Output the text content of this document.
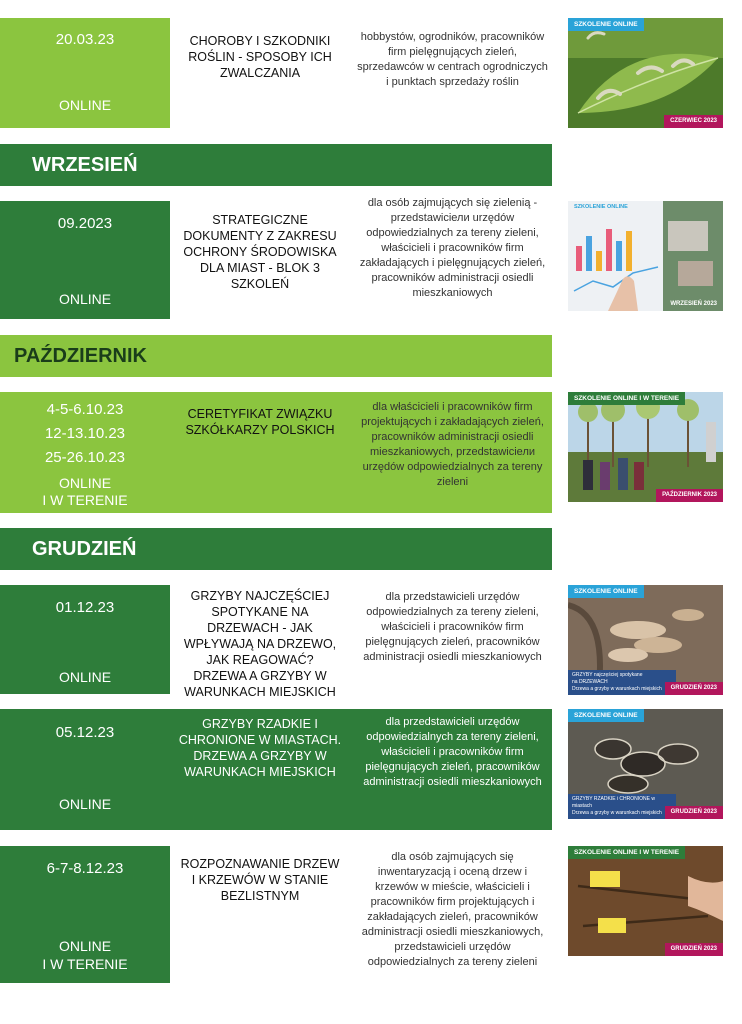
20.03.23
ONLINE
CHOROBY I SZKODNIKI ROŚLIN - SPOSOBY ICH ZWALCZANIA
hobbystów, ogrodników, pracowników firm pielęgnujących zieleń, sprzedawców w centrach ogrodniczych i punktach sprzedaży roślin
SZKOLENIE ONLINE
CZERWIEC 2023
WRZESIEŃ
09.2023
ONLINE
STRATEGICZNE DOKUMENTY Z ZAKRESU OCHRONY ŚRODOWISKA DLA MIAST - BLOK 3 SZKOLEŃ
dla osób zajmujących się zielenią - przedstawiciели urzędów odpowiedzialnych za tereny zieleni, właścicieli i pracowników firm zakładających i pielęgnujących zieleń, pracowników administracji osiedli mieszkaniowych
SZKOLENIE ONLINE
WRZESIEŃ 2023
PAŹDZIERNIK
4-5-6.10.23
12-13.10.23
25-26.10.23
ONLINE
I W TERENIE
CERETYFIKAT ZWIĄZKU SZKÓŁKARZY POLSKICH
dla właścicieli i pracowników firm projektujących i zakładających zieleń, pracowników administracji osiedli mieszkaniowych, przedstawiciели urzędów odpowiedzialnych za tereny zieleni
SZKOLENIE ONLINE I W TERENIE
PAŹDZIERNIK 2023
GRUDZIEŃ
01.12.23
ONLINE
GRZYBY NAJCZĘŚCIEJ SPOTYKANE NA DRZEWACH - JAK WPŁYWAJĄ NA DRZEWO, JAK REAGOWAĆ? DRZEWA A GRZYBY W WARUNKACH MIEJSKICH
dla przedstawicieli urzędów odpowiedzialnych za tereny zieleni, właścicieli i pracowników firm pielęgnujących zieleń, pracowników administracji osiedli mieszkaniowych
SZKOLENIE ONLINE
GRZYBY najczęściej spotykane
na DRZEWACH
Drzewa a grzyby w warunkach miejskich	GRUDZIEŃ 2023
05.12.23
ONLINE
GRZYBY RZADKIE I CHRONIONE W MIASTACH. DRZEWA A GRZYBY W WARUNKACH MIEJSKICH
dla przedstawicieli urzędów odpowiedzialnych za tereny zieleni, właścicieli i pracowników firm pielęgnujących zieleń, pracowników administracji osiedli mieszkaniowych
SZKOLENIE ONLINE
GRZYBY RZADKIE i CHRONIONE w miastach
Drzewa a grzyby w warunkach miejskich	GRUDZIEŃ 2023
6-7-8.12.23
ONLINE
I W TERENIE
ROZPOZNAWANIE DRZEW I KRZEWÓW W STANIE BEZLISTNYM
dla osób zajmujących się inwentaryzacją i oceną drzew i krzewów w mieście, właścicieli i pracowników firm projektujących i zakładających zieleń, pracowników administracji osiedli mieszkaniowych, przedstawicieli urzędów odpowiedzialnych za tereny zieleni
SZKOLENIE ONLINE I W TERENIE
GRUDZIEŃ 2023
